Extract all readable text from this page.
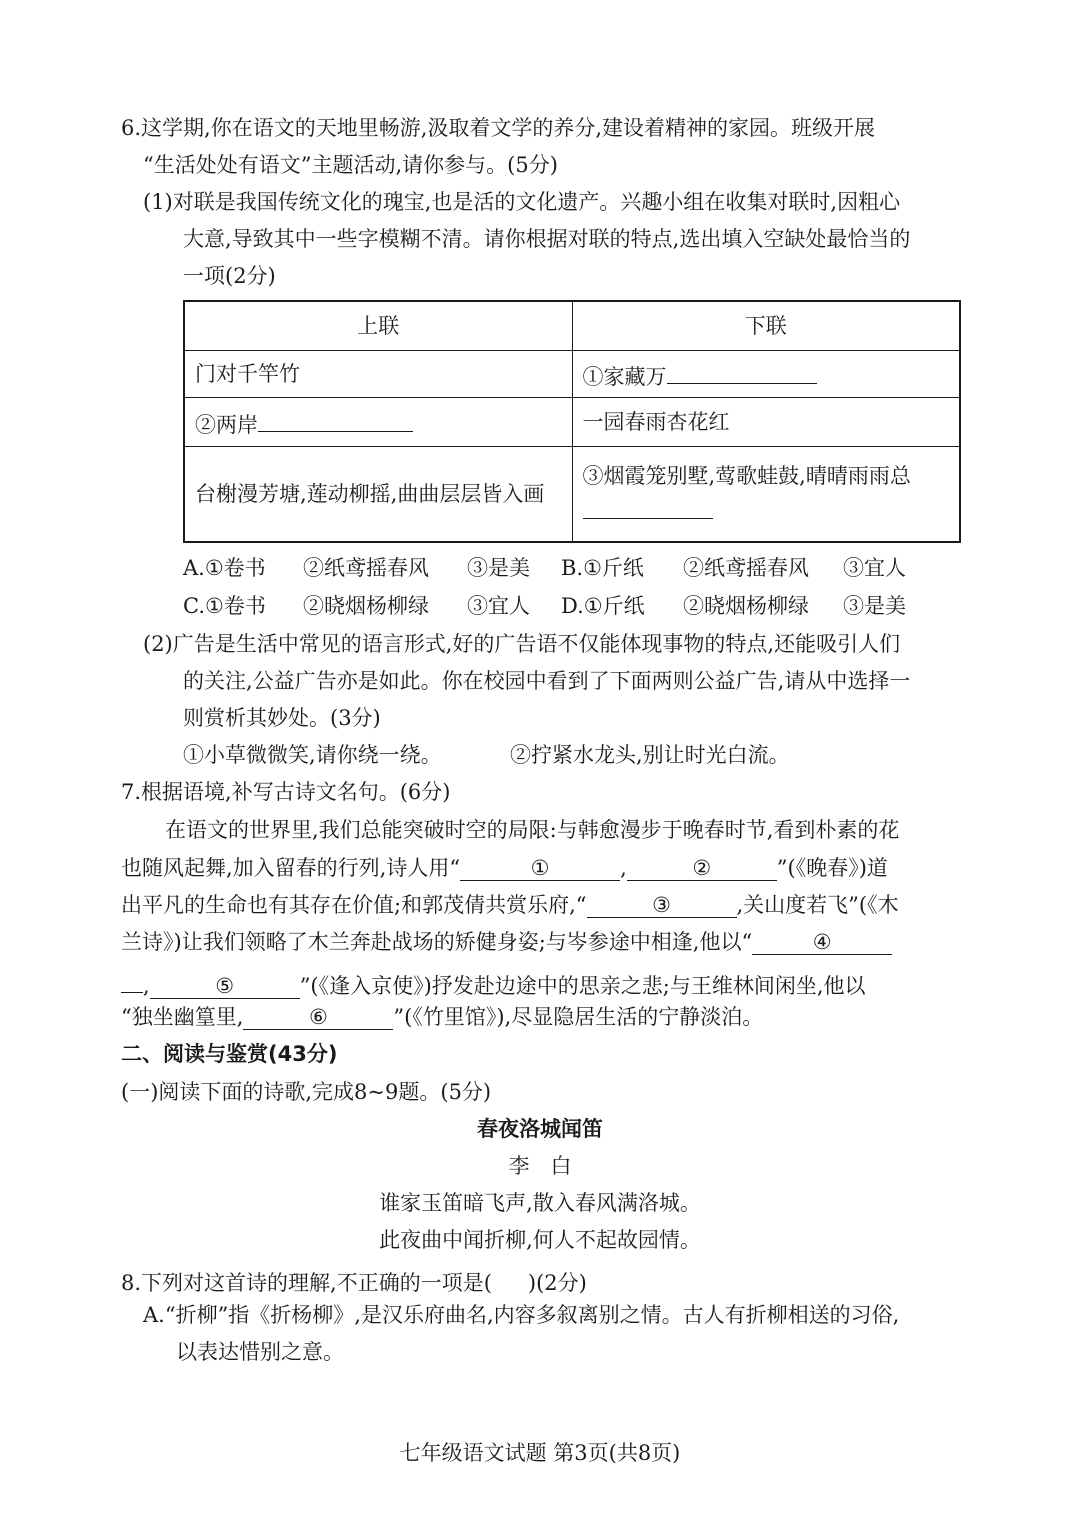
6.这学期,你在语文的天地里畅游,汲取着文学的养分,建设着精神的家园。班级开展
“生活处处有语文”主题活动,请你参与。(5分)
(1)对联是我国传统文化的瑰宝,也是活的文化遗产。兴趣小组在收集对联时,因粗心
大意,导致其中一些字模糊不清。请你根据对联的特点,选出填入空缺处最恰当的
一项(2分)
上联	下联
门对千竿竹	①家藏万
②两岸	一园春雨杏花红
台榭漫芳塘,莲动柳摇,曲曲层层皆入画	③烟霞笼别墅,莺歌蛙鼓,晴晴雨雨总

A.①卷书 ②纸鸢摇春风 ③是美 B.①斤纸 ②纸鸢摇春风 ③宜人
C.①卷书 ②晓烟杨柳绿 ③宜人 D.①斤纸 ②晓烟杨柳绿 ③是美
(2)广告是生活中常见的语言形式,好的广告语不仅能体现事物的特点,还能吸引人们
的关注,公益广告亦是如此。你在校园中看到了下面两则公益广告,请从中选择一
则赏析其妙处。(3分)
①小草微微笑,请你绕一绕。	②拧紧水龙头,别让时光白流。
7.根据语境,补写古诗文名句。(6分)
在语文的世界里,我们总能突破时空的局限:与韩愈漫步于晚春时节,看到朴素的花
也随风起舞,加入留春的行列,诗人用“	①	,	②	”(《晚春》)道
出平凡的生命也有其存在价值;和郭茂倩共赏乐府,“	③	,关山度若飞”(《木
兰诗》)让我们领略了木兰奔赴战场的矫健身姿;与岑参途中相逢,他以“	④
,	⑤	”(《逢入京使》)抒发赴边途中的思亲之悲;与王维林间闲坐,他以
“独坐幽篁里,	⑥	”(《竹里馆》),尽显隐居生活的宁静淡泊。
二、阅读与鉴赏(43分)
(一)阅读下面的诗歌,完成8~9题。(5分)
春夜洛城闻笛
李　白
谁家玉笛暗飞声,散入春风满洛城。
此夜曲中闻折柳,何人不起故园情。
8.下列对这首诗的理解,不正确的一项是( )(2分)
A.“折柳”指《折杨柳》,是汉乐府曲名,内容多叙离别之情。古人有折柳相送的习俗,
以表达惜别之意。
七年级语文试题 第3页(共8页)
